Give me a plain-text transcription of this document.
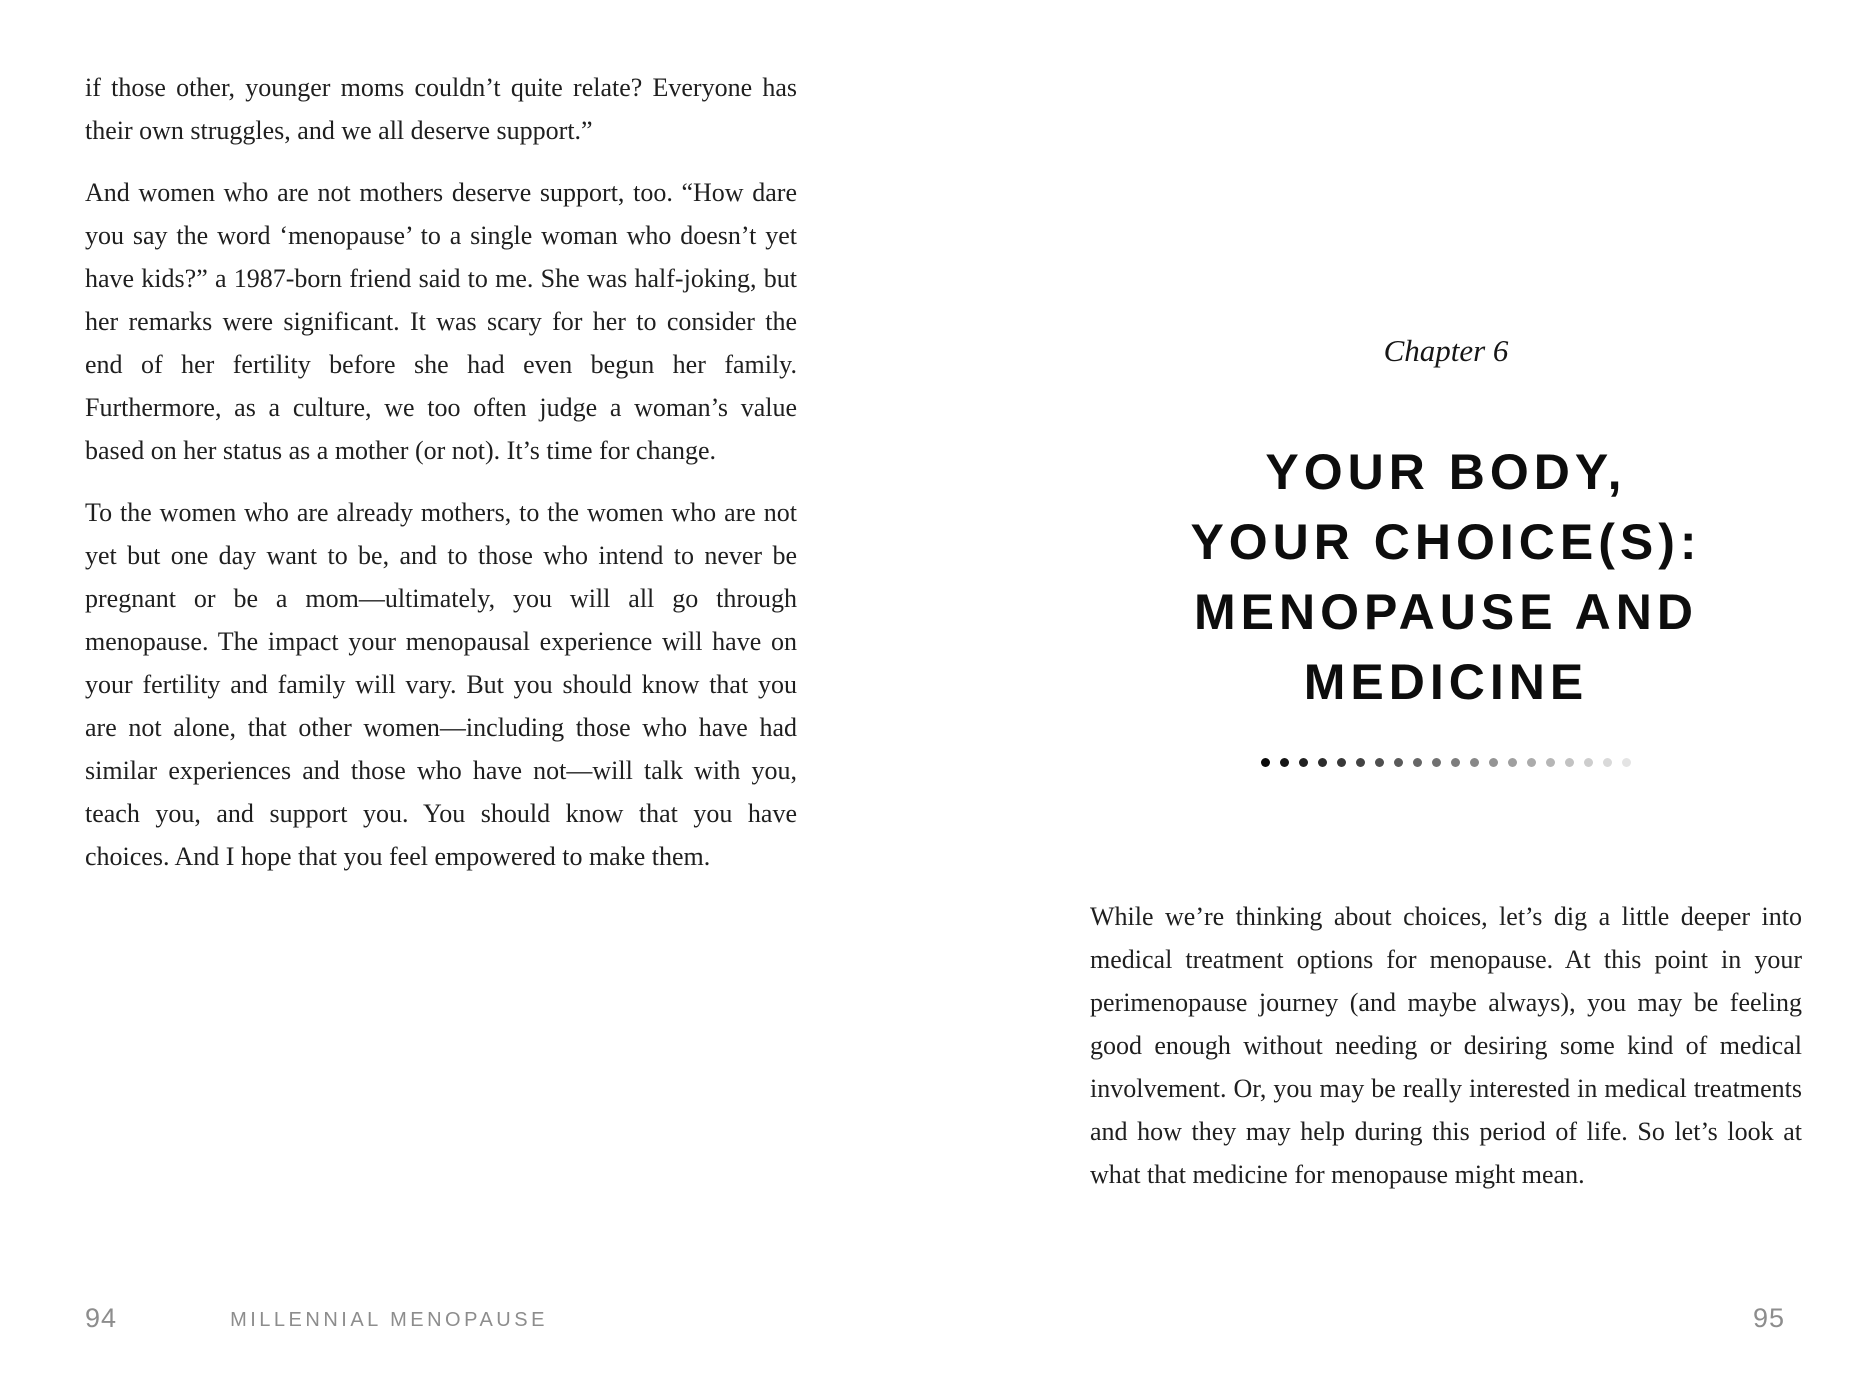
if those other, younger moms couldn’t quite relate? Everyone has their own struggles, and we all deserve support.”

And women who are not mothers deserve support, too. “How dare you say the word ‘menopause’ to a single woman who doesn’t yet have kids?” a 1987-born friend said to me. She was half-joking, but her remarks were significant. It was scary for her to consider the end of her fertility before she had even begun her family. Furthermore, as a culture, we too often judge a woman’s value based on her status as a mother (or not). It’s time for change.

To the women who are already mothers, to the women who are not yet but one day want to be, and to those who intend to never be pregnant or be a mom—ultimately, you will all go through menopause. The impact your menopausal experience will have on your fertility and family will vary. But you should know that you are not alone, that other women—including those who have had similar experiences and those who have not—will talk with you, teach you, and support you. You should know that you have choices. And I hope that you feel empowered to make them.

Chapter 6
YOUR BODY,
YOUR CHOICE(S):
MENOPAUSE AND
MEDICINE

While we’re thinking about choices, let’s dig a little deeper into medical treatment options for menopause. At this point in your perimenopause journey (and maybe always), you may be feeling good enough without needing or desiring some kind of medical involvement. Or, you may be really interested in medical treatments and how they may help during this period of life. So let’s look at what that medicine for menopause might mean.

94	MILLENNIAL MENOPAUSE	95
